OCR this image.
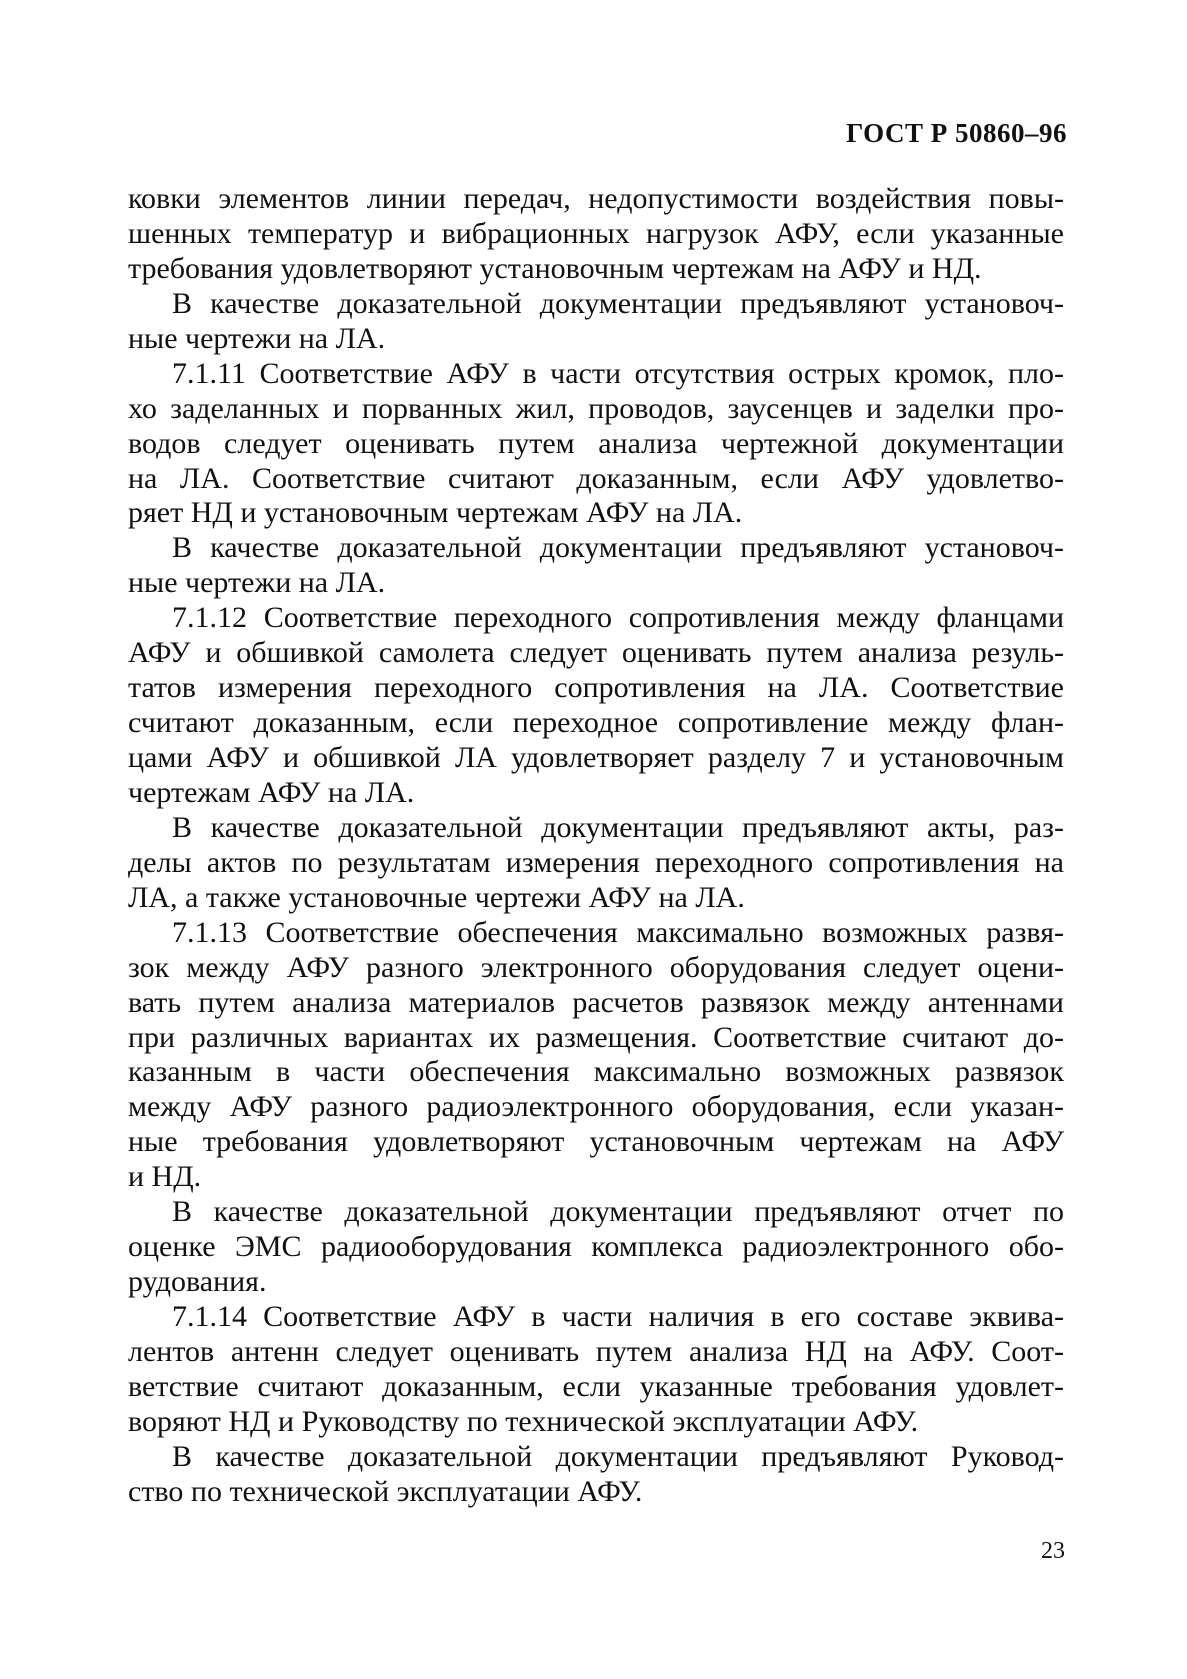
ГОСТ Р 50860–96
ковки элементов линии передач, недопустимости воздействия повы-
шенных температур и вибрационных нагрузок АФУ, если указанные
требования удовлетворяют установочным чертежам на АФУ и НД.
В качестве доказательной документации предъявляют установоч-
ные чертежи на ЛА.
7.1.11 Соответствие АФУ в части отсутствия острых кромок, пло-
хо заделанных и порванных жил, проводов, заусенцев и заделки про-
водов следует оценивать путем анализа чертежной документации
на ЛА. Соответствие считают доказанным, если АФУ удовлетво-
ряет НД и установочным чертежам АФУ на ЛА.
В качестве доказательной документации предъявляют установоч-
ные чертежи на ЛА.
7.1.12 Соответствие переходного сопротивления между фланцами
АФУ и обшивкой самолета следует оценивать путем анализа резуль-
татов измерения переходного сопротивления на ЛА. Соответствие
считают доказанным, если переходное сопротивление между флан-
цами АФУ и обшивкой ЛА удовлетворяет разделу 7 и установочным
чертежам АФУ на ЛА.
В качестве доказательной документации предъявляют акты, раз-
делы актов по результатам измерения переходного сопротивления на
ЛА, а также установочные чертежи АФУ на ЛА.
7.1.13 Соответствие обеспечения максимально возможных развя-
зок между АФУ разного электронного оборудования следует оцени-
вать путем анализа материалов расчетов развязок между антеннами
при различных вариантах их размещения. Соответствие считают до-
казанным в части обеспечения максимально возможных развязок
между АФУ разного радиоэлектронного оборудования, если указан-
ные требования удовлетворяют установочным чертежам на АФУ
и НД.
В качестве доказательной документации предъявляют отчет по
оценке ЭМС радиооборудования комплекса радиоэлектронного обо-
рудования.
7.1.14 Соответствие АФУ в части наличия в его составе эквива-
лентов антенн следует оценивать путем анализа НД на АФУ. Соот-
ветствие считают доказанным, если указанные требования удовлет-
воряют НД и Руководству по технической эксплуатации АФУ.
В качестве доказательной документации предъявляют Руковод-
ство по технической эксплуатации АФУ.
23
